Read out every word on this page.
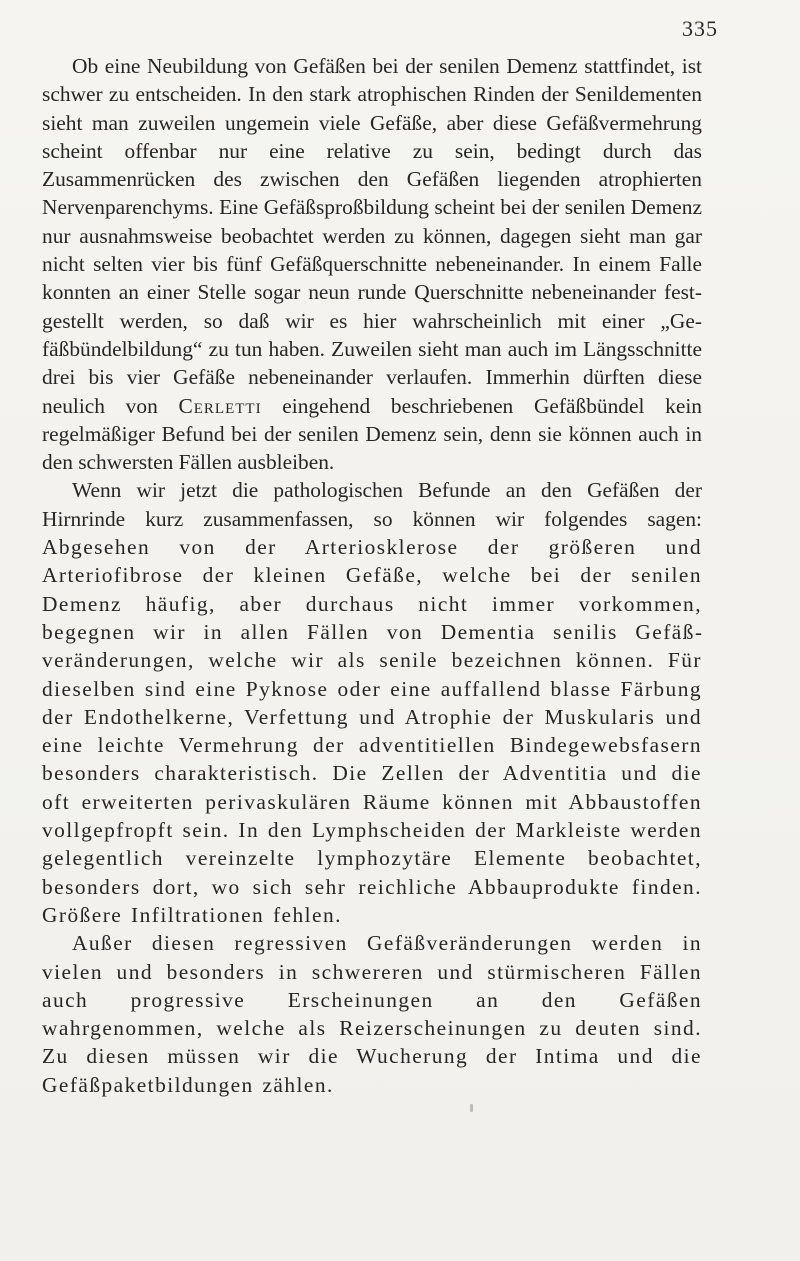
335

Ob eine Neubildung von Gefäßen bei der senilen Demenz stattfindet, ist schwer zu entscheiden. In den stark atrophischen Rinden der Senildementen sieht man zuweilen ungemein viele Gefäße, aber diese Gefäßvermehrung scheint offenbar nur eine relative zu sein, bedingt durch das Zusammenrücken des zwischen den Gefäßen liegenden atrophierten Nervenparenchyms. Eine Gefäßsproßbildung scheint bei der senilen Demenz nur ausnahmsweise beobachtet werden zu können, dagegen sieht man gar nicht selten vier bis fünf Gefäßquerschnitte nebeneinander. In einem Falle konnten an einer Stelle sogar neun runde Querschnitte nebeneinander festgestellt werden, so daß wir es hier wahrscheinlich mit einer „Gefäßbündelbildung“ zu tun haben. Zuweilen sieht man auch im Längsschnitte drei bis vier Gefäße nebeneinander verlaufen. Immerhin dürften diese neulich von Cerletti eingehend beschriebenen Gefäßbündel kein regelmäßiger Befund bei der senilen Demenz sein, denn sie können auch in den schwersten Fällen ausbleiben.

Wenn wir jetzt die pathologischen Befunde an den Gefäßen der Hirnrinde kurz zusammenfassen, so können wir folgendes sagen: Abgesehen von der Arteriosklerose der größeren und Arteriofibrose der kleinen Gefäße, welche bei der senilen Demenz häufig, aber durchaus nicht immer vorkommen, begegnen wir in allen Fällen von Dementia senilis Gefäßveränderungen, welche wir als senile bezeichnen können. Für dieselben sind eine Pyknose oder eine auffallend blasse Färbung der Endothelkerne, Verfettung und Atrophie der Muskularis und eine leichte Vermehrung der adventitiellen Bindegewebsfasern besonders charakteristisch. Die Zellen der Adventitia und die oft erweiterten perivaskulären Räume können mit Abbaustoffen vollgepfropft sein. In den Lymphscheiden der Markleiste werden gelegentlich vereinzelte lymphozytäre Elemente beobachtet, besonders dort, wo sich sehr reichliche Abbauprodukte finden. Größere Infiltrationen fehlen.

Außer diesen regressiven Gefäßveränderungen werden in vielen und besonders in schwereren und stürmischeren Fällen auch progressive Erscheinungen an den Gefäßen wahrgenommen, welche als Reizerscheinungen zu deuten sind. Zu diesen müssen wir die Wucherung der Intima und die Gefäßpaketbildungen zählen.
